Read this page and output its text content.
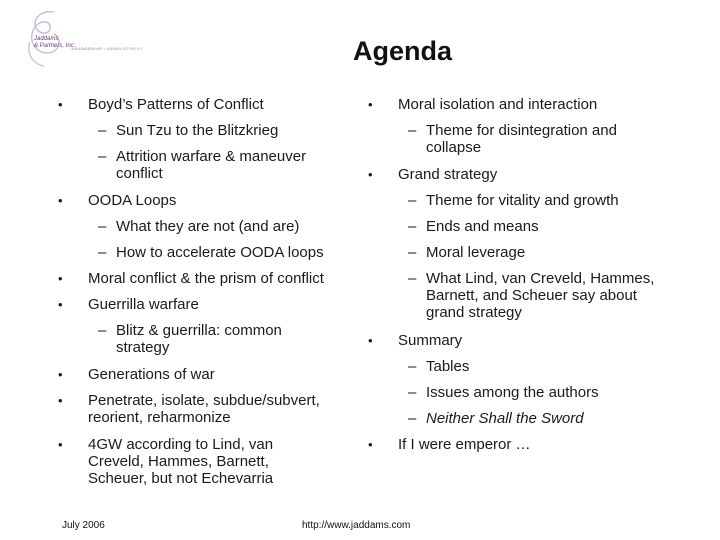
Jaddams
& Partners, Inc.
LEADERSHIP · DEVELOPMENT	Agenda
• Boyd’s Patterns of Conflict
– Sun Tzu to the Blitzkrieg
– Attrition warfare & maneuver conflict
• OODA Loops
– What they are not (and are)
– How to accelerate OODA loops
• Moral conflict & the prism of conflict
• Guerrilla warfare
– Blitz & guerrilla: common strategy
• Generations of war
• Penetrate, isolate, subdue/subvert, reorient, reharmonize
• 4GW according to Lind, van Creveld, Hammes, Barnett, Scheuer, but not Echevarria
• Moral isolation and interaction
– Theme for disintegration and collapse
• Grand strategy
– Theme for vitality and growth
– Ends and means
– Moral leverage
– What Lind, van Creveld, Hammes, Barnett, and Scheuer say about grand strategy
• Summary
– Tables
– Issues among the authors
– Neither Shall the Sword
• If I were emperor …
July 2006	http://www.jaddams.com
